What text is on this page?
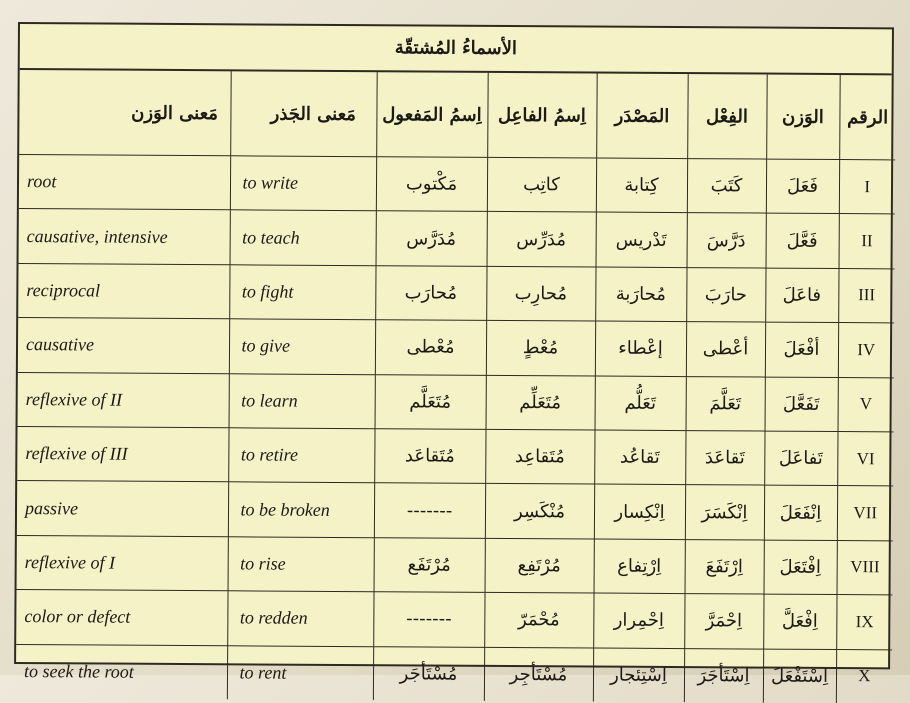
الأسماءُ المُشتقّة
مَعنى الوَزن	مَعنى الجَذر	اِسمُ المَفعول	اِسمُ الفاعِل	المَصْدَر	الفِعْل	الوَزن	الرقم
root	to write	مَكْتوب	كاتِب	كِتابة	كَتَبَ	فَعَلَ	I
causative, intensive	to teach	مُدَرَّس	مُدَرِّس	تَدْريس	دَرَّسَ	فَعَّلَ	II
reciprocal	to fight	مُحارَب	مُحارِب	مُحارَبة	حارَبَ	فاعَلَ	III
causative	to give	مُعْطى	مُعْطٍ	إعْطاء	أعْطى	أفْعَلَ	IV
reflexive of II	to learn	مُتَعَلَّم	مُتَعَلِّم	تَعَلُّم	تَعَلَّمَ	تَفَعَّلَ	V
reflexive of III	to retire	مُتَقاعَد	مُتَقاعِد	تَقاعُد	تَقاعَدَ	تَفاعَلَ	VI
passive	to be broken	-------	مُنْكَسِر	اِنْكِسار	اِنْكَسَرَ	اِنْفَعَلَ	VII
reflexive of I	to rise	مُرْتَفَع	مُرْتَفِع	اِرْتِفاع	اِرْتَفَعَ	اِفْتَعَلَ	VIII
color or defect	to redden	-------	مُحْمَرّ	اِحْمِرار	اِحْمَرَّ	اِفْعَلَّ	IX
to seek the root	to rent	مُسْتَأجَر	مُسْتَأجِر	اِسْتِئجار	اِسْتَأجَرَ	اِسْتَفْعَلَ	X
